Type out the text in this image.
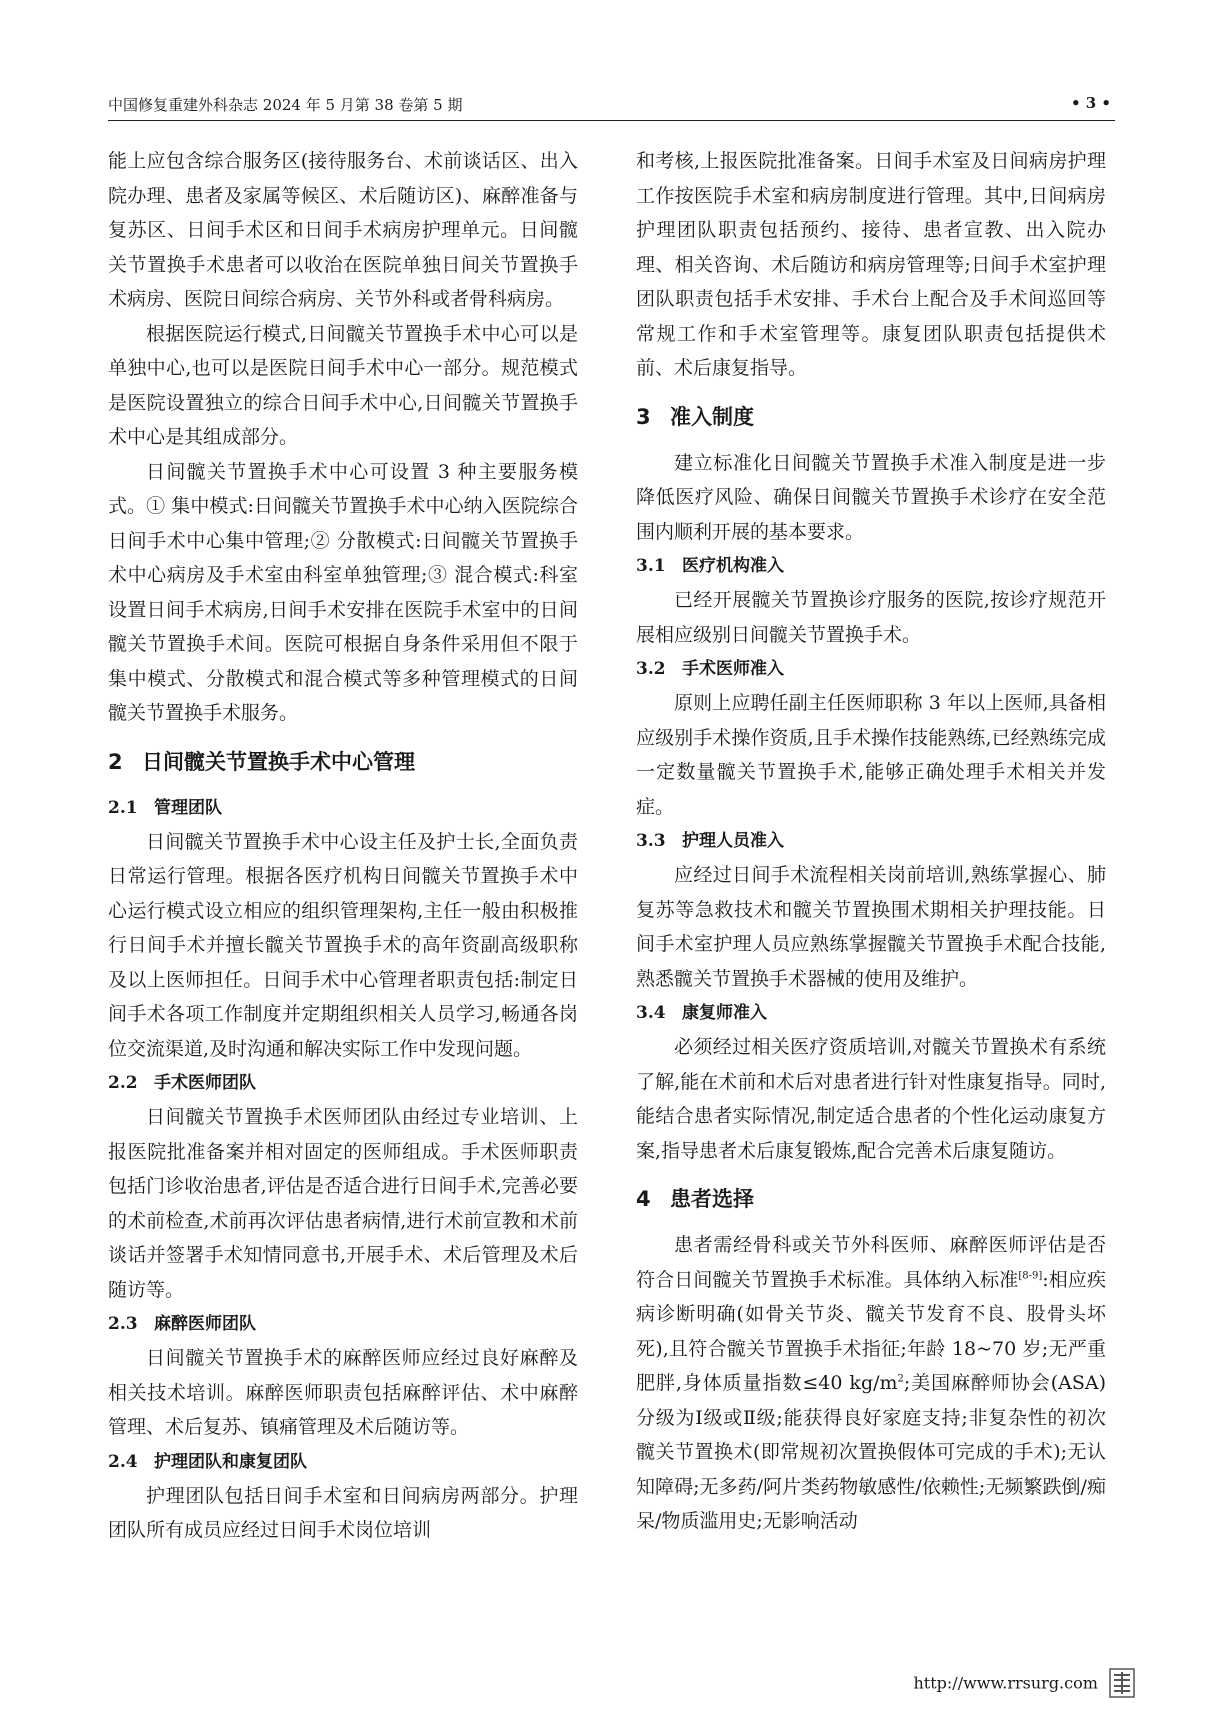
中国修复重建外科杂志 2024 年 5 月第 38 卷第 5 期	• 3 •

能上应包含综合服务区(接待服务台、术前谈话区、出入院办理、患者及家属等候区、术后随访区)、麻醉准备与复苏区、日间手术区和日间手术病房护理单元。日间髋关节置换手术患者可以收治在医院单独日间关节置换手术病房、医院日间综合病房、关节外科或者骨科病房。

根据医院运行模式,日间髋关节置换手术中心可以是单独中心,也可以是医院日间手术中心一部分。规范模式是医院设置独立的综合日间手术中心,日间髋关节置换手术中心是其组成部分。

日间髋关节置换手术中心可设置 3 种主要服务模式。① 集中模式:日间髋关节置换手术中心纳入医院综合日间手术中心集中管理;② 分散模式:日间髋关节置换手术中心病房及手术室由科室单独管理;③ 混合模式:科室设置日间手术病房,日间手术安排在医院手术室中的日间髋关节置换手术间。医院可根据自身条件采用但不限于集中模式、分散模式和混合模式等多种管理模式的日间髋关节置换手术服务。

2 日间髋关节置换手术中心管理
2.1 管理团队

日间髋关节置换手术中心设主任及护士长,全面负责日常运行管理。根据各医疗机构日间髋关节置换手术中心运行模式设立相应的组织管理架构,主任一般由积极推行日间手术并擅长髋关节置换手术的高年资副高级职称及以上医师担任。日间手术中心管理者职责包括:制定日间手术各项工作制度并定期组织相关人员学习,畅通各岗位交流渠道,及时沟通和解决实际工作中发现问题。

2.2 手术医师团队

日间髋关节置换手术医师团队由经过专业培训、上报医院批准备案并相对固定的医师组成。手术医师职责包括门诊收治患者,评估是否适合进行日间手术,完善必要的术前检查,术前再次评估患者病情,进行术前宣教和术前谈话并签署手术知情同意书,开展手术、术后管理及术后随访等。

2.3 麻醉医师团队

日间髋关节置换手术的麻醉医师应经过良好麻醉及相关技术培训。麻醉医师职责包括麻醉评估、术中麻醉管理、术后复苏、镇痛管理及术后随访等。

2.4 护理团队和康复团队

护理团队包括日间手术室和日间病房两部分。护理团队所有成员应经过日间手术岗位培训

和考核,上报医院批准备案。日间手术室及日间病房护理工作按医院手术室和病房制度进行管理。其中,日间病房护理团队职责包括预约、接待、患者宣教、出入院办理、相关咨询、术后随访和病房管理等;日间手术室护理团队职责包括手术安排、手术台上配合及手术间巡回等常规工作和手术室管理等。康复团队职责包括提供术前、术后康复指导。

3 准入制度

建立标准化日间髋关节置换手术准入制度是进一步降低医疗风险、确保日间髋关节置换手术诊疗在安全范围内顺利开展的基本要求。

3.1 医疗机构准入

已经开展髋关节置换诊疗服务的医院,按诊疗规范开展相应级别日间髋关节置换手术。

3.2 手术医师准入

原则上应聘任副主任医师职称 3 年以上医师,具备相应级别手术操作资质,且手术操作技能熟练,已经熟练完成一定数量髋关节置换手术,能够正确处理手术相关并发症。

3.3 护理人员准入

应经过日间手术流程相关岗前培训,熟练掌握心、肺复苏等急救技术和髋关节置换围术期相关护理技能。日间手术室护理人员应熟练掌握髋关节置换手术配合技能,熟悉髋关节置换手术器械的使用及维护。

3.4 康复师准入

必须经过相关医疗资质培训,对髋关节置换术有系统了解,能在术前和术后对患者进行针对性康复指导。同时,能结合患者实际情况,制定适合患者的个性化运动康复方案,指导患者术后康复锻炼,配合完善术后康复随访。

4 患者选择

患者需经骨科或关节外科医师、麻醉医师评估是否符合日间髋关节置换手术标准。具体纳入标准[8-9]:相应疾病诊断明确(如骨关节炎、髋关节发育不良、股骨头坏死),且符合髋关节置换手术指征;年龄 18~70 岁;无严重肥胖,身体质量指数≤40 $kg/m^2$;美国麻醉师协会(ASA)分级为Ⅰ级或Ⅱ级;能获得良好家庭支持;非复杂性的初次髋关节置换术(即常规初次置换假体可完成的手术);无认知障碍;无多药/阿片类药物敏感性/依赖性;无频繁跌倒/痴呆/物质滥用史;无影响活动

http://www.rrsurg.com
